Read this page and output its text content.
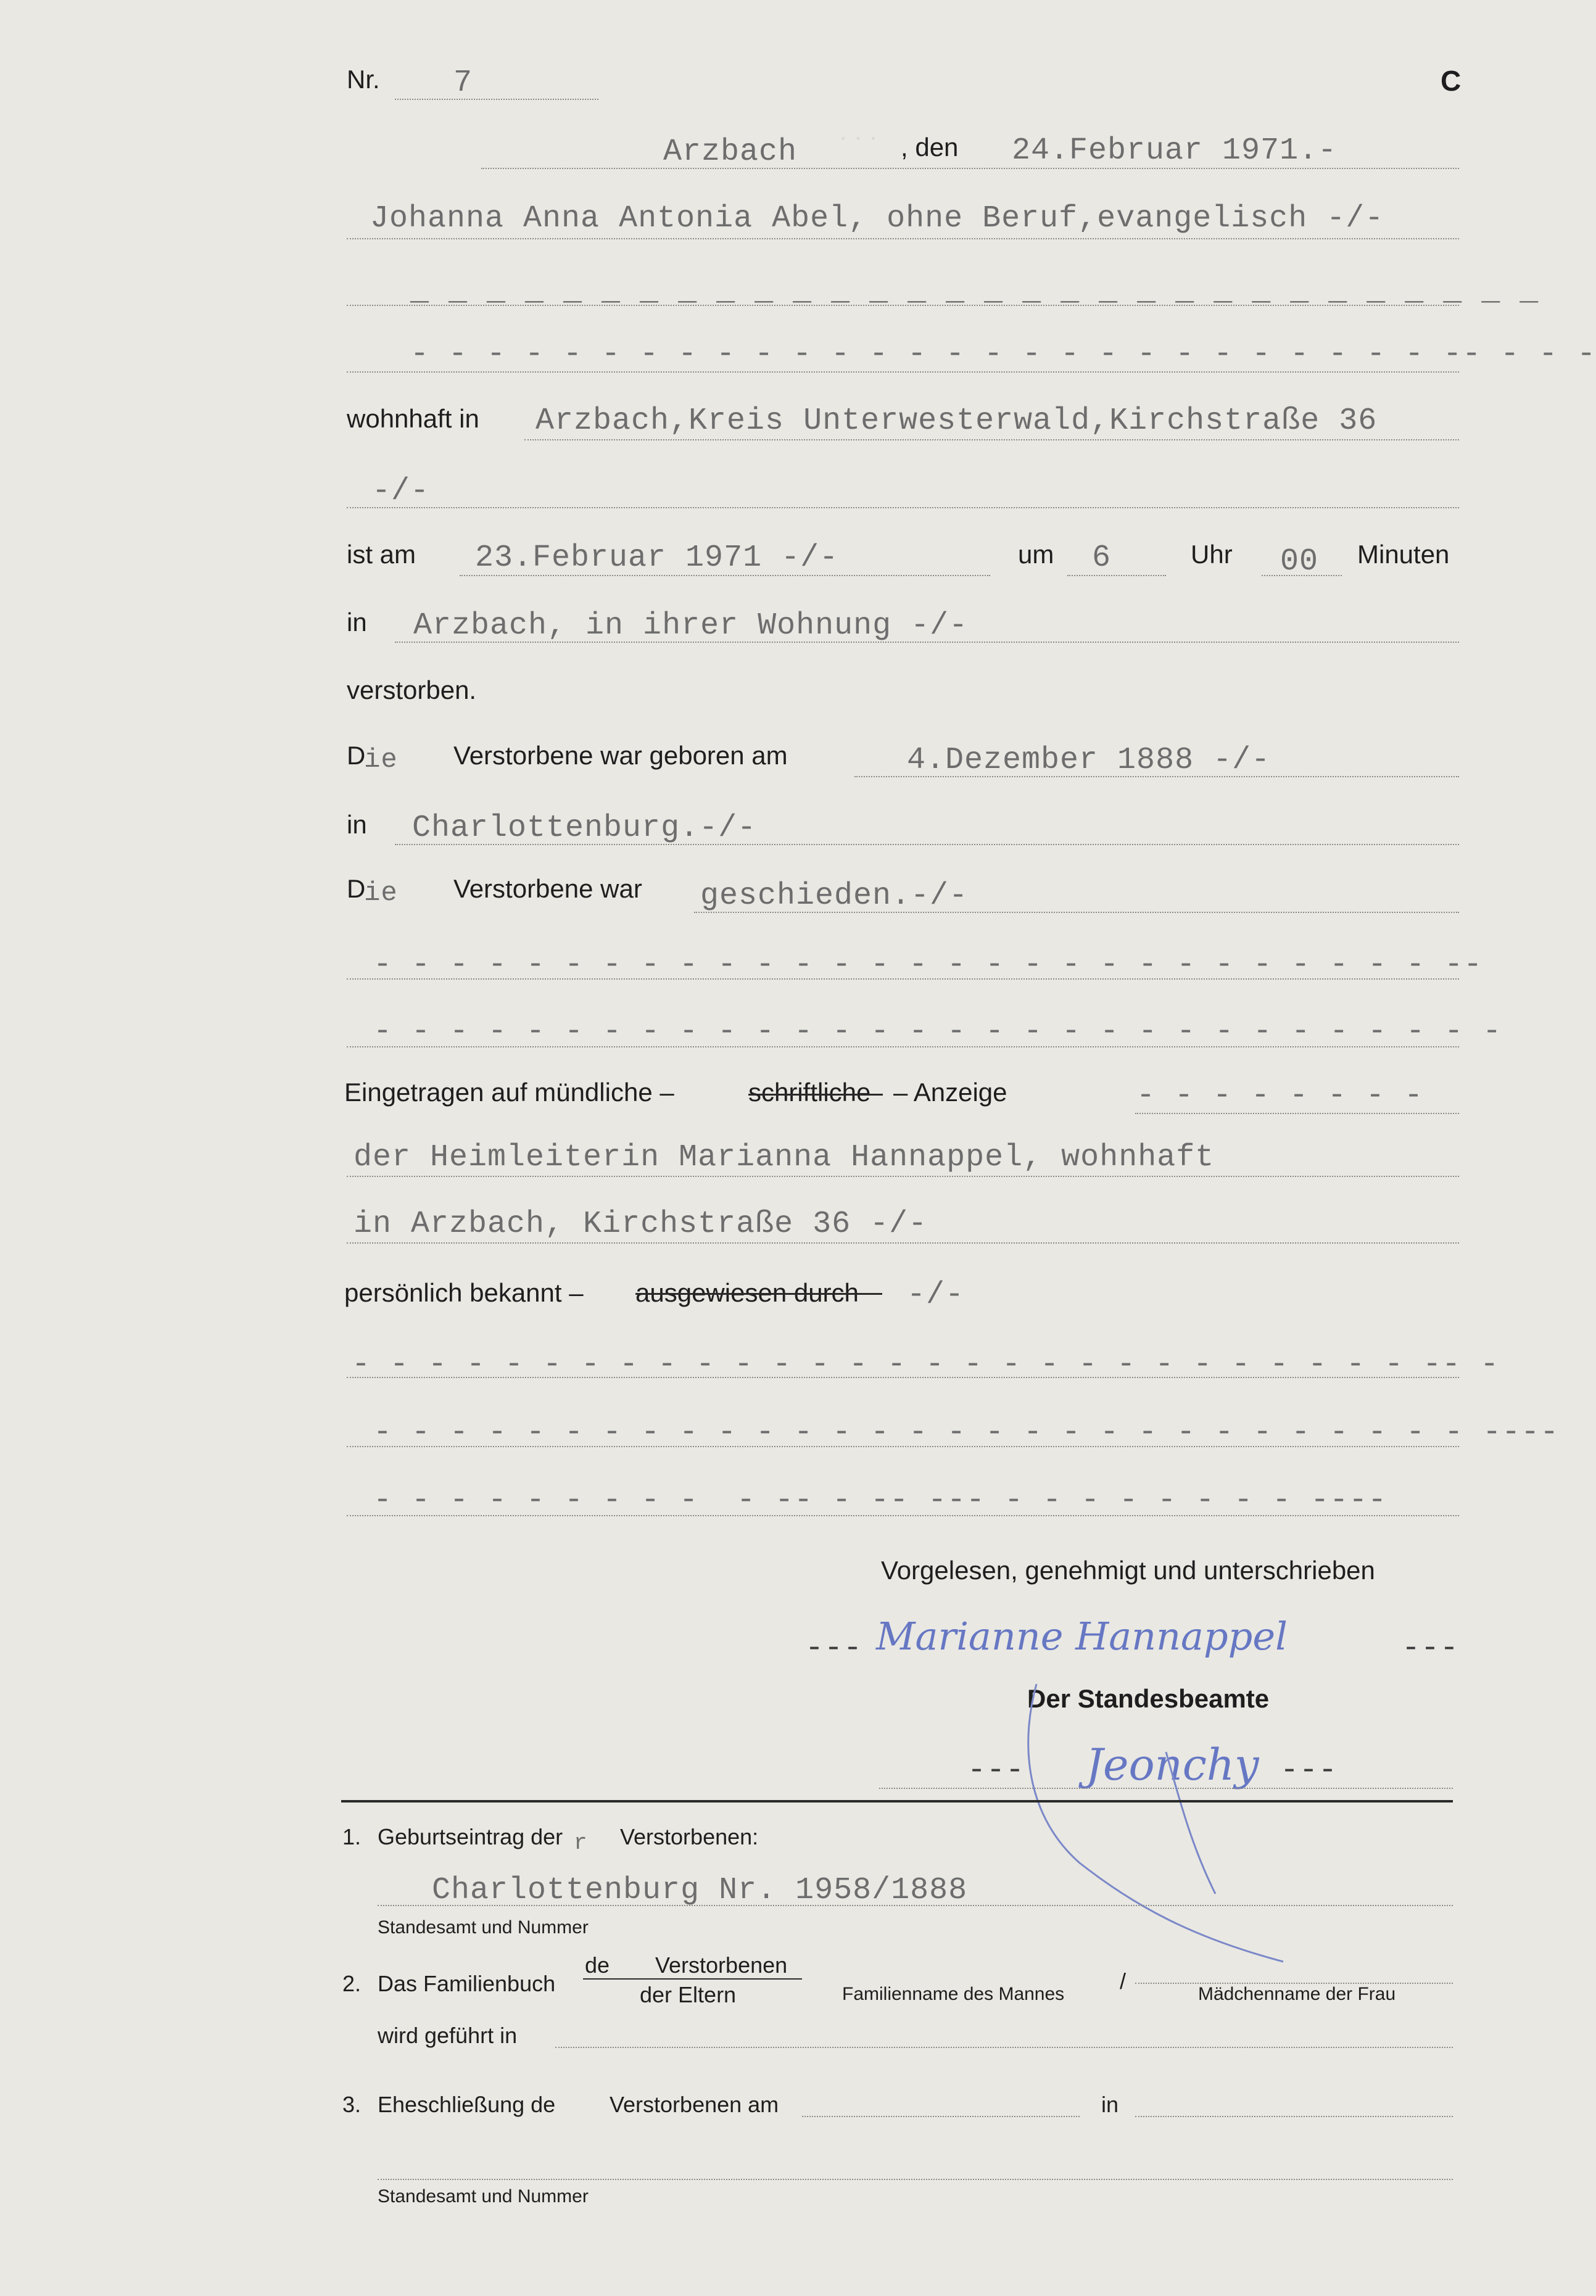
· · ·
Nr. 7	C
Arzbach	, den 24.Februar 1971.-
Johanna Anna Antonia Abel, ohne Beruf,evangelisch -/-
_ _ _ _ _ _ _ _ _ _ _ _ _ _ _ _ _ _ _ _ _ _ _ _ _ _ _ _ _ _
- - - - - - - - - - - - - - - - - - - - - - - - - - - -- - - -
wohnhaft in Arzbach,Kreis Unterwesterwald,Kirchstraße 36
-/-
ist am 23.Februar 1971 -/-	um 6	Uhr 00 Minuten
in Arzbach, in ihrer Wohnung -/-
verstorben.
D
ie Verstorbene war geboren am	4.Dezember 1888 -/-
in Charlottenburg.-/-
D
ie Verstorbene war geschieden.-/-
- - - - - - - - - - - - - - - - - - - - - - - - - - - - --
- - - - - - - - - - - - - - - - - - - - - - - - - - - - - -
Eingetragen auf mündliche –	schriftliche – Anzeige	- - - - - - - -
der Heimleiterin Marianna Hannappel, wohnhaft
in Arzbach, Kirchstraße 36 -/-
persönlich bekannt – ausgewiesen durch -/-
- - - - - - - - - - - - - - - - - - - - - - - - - - - - -- -
- - - - - - - - - - - - - - - - - - - - - - - - - - - - - ----
- - - - - - - - -  - -- - -- --- - - - - - - - - ----
Vorgelesen, genehmigt und unterschrieben
--- Marianne Hannappel	---
Der Standesbeamte
--- Jeonchy ---
1. Geburtseintrag der r Verstorbenen:
Charlottenburg Nr. 1958/1888
Standesamt und Nummer
2. Das Familienbuch
de Verstorbenen
der Eltern	Familienname des Mannes
/
Mädchenname der Frau
wird geführt in
3. Eheschließung de Verstorbenen am	in
Standesamt und Nummer
